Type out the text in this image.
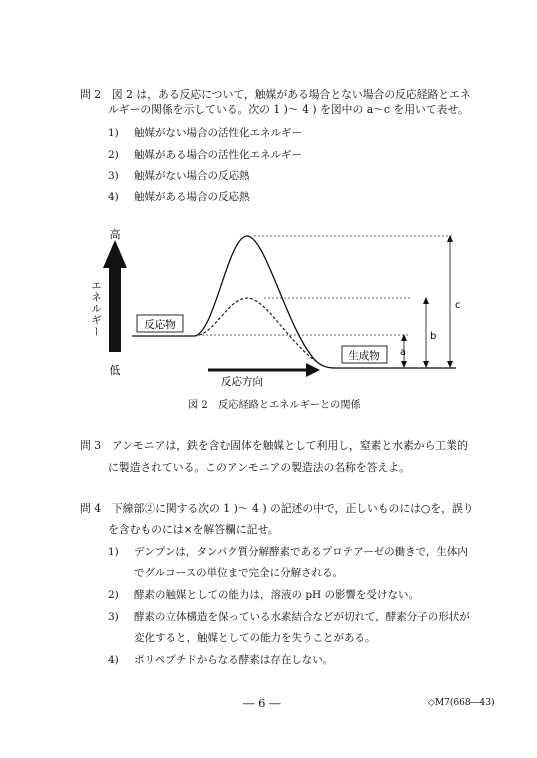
問 2　図 2 は，ある反応について，触媒がある場合とない場合の反応経路とエネ
ルギーの関係を示している。次の 1 )～ 4 ) を図中の a～c を用いて表せ。
1) 触媒がない場合の活性化エネルギー
2) 触媒がある場合の活性化エネルギー
3) 触媒がない場合の反応熱
4) 触媒がある場合の反応熱
高
低
エネルギー	反応物
生成物 a
b
c
反応方向
図 2　反応経路とエネルギーとの関係
問 3　アンモニアは，鉄を含む固体を触媒として利用し，窒素と水素から工業的
に製造されている。このアンモニアの製造法の名称を答えよ。
問 4　下線部②に関する次の 1 )～ 4 ) の記述の中で，正しいものには○を，誤り
を含むものには×を解答欄に記せ。
1) デンプンは，タンパク質分解酵素であるプロテアーゼの働きで，生体内
でグルコースの単位まで完全に分解される。
2) 酵素の触媒としての能力は，溶液の pH の影響を受けない。
3) 酵素の立体構造を保っている水素結合などが切れて，酵素分子の形状が
変化すると，触媒としての能力を失うことがある。
4) ポリペプチドからなる酵素は存在しない。
― 6 ―	◇M7(668―43)
